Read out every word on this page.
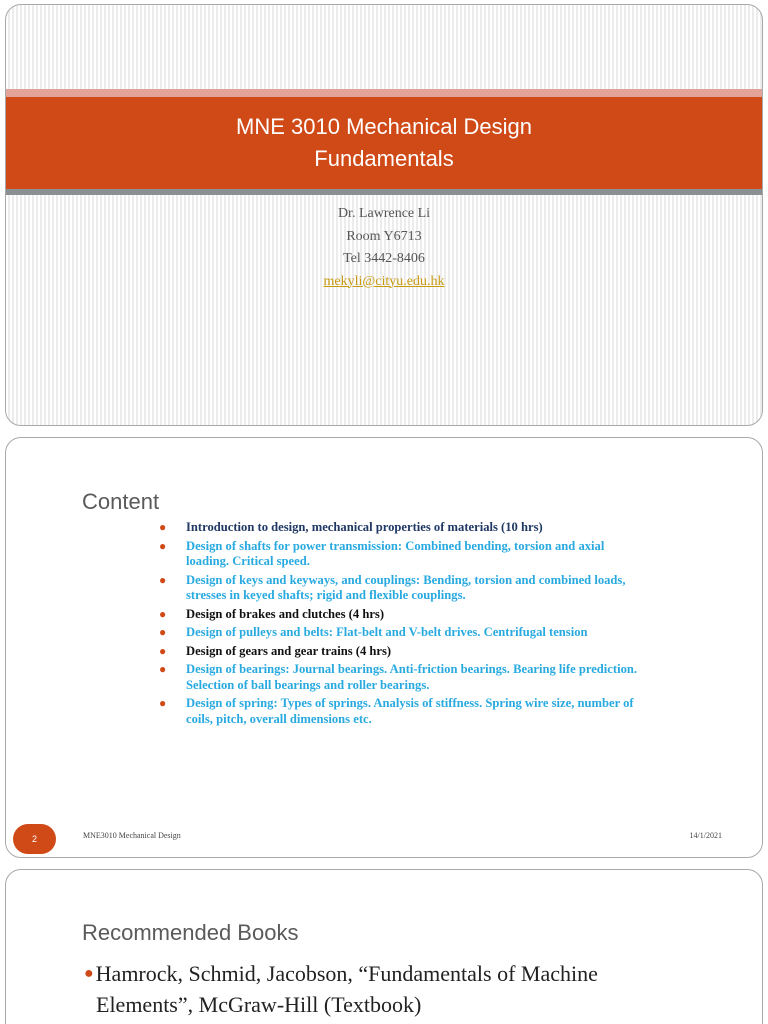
MNE 3010 Mechanical Design
Fundamentals
Dr. Lawrence Li
Room Y6713
Tel 3442-8406
mekyli@cityu.edu.hk
Content
● Introduction to design, mechanical properties of materials (10 hrs)
● Design of shafts for power transmission: Combined bending, torsion and axial loading. Critical speed.
● Design of keys and keyways, and couplings: Bending, torsion and combined loads, stresses in keyed shafts; rigid and flexible couplings.
● Design of brakes and clutches (4 hrs)
● Design of pulleys and belts: Flat-belt and V-belt drives. Centrifugal tension
● Design of gears and gear trains (4 hrs)
● Design of bearings: Journal bearings. Anti-friction bearings. Bearing life prediction. Selection of ball bearings and roller bearings.
● Design of spring: Types of springs. Analysis of stiffness. Spring wire size, number of coils, pitch, overall dimensions etc.
2	MNE3010 Mechanical Design	14/1/2021
Recommended Books
●Hamrock, Schmid, Jacobson, “Fundamentals of Machine
Elements”, McGraw-Hill (Textbook)
